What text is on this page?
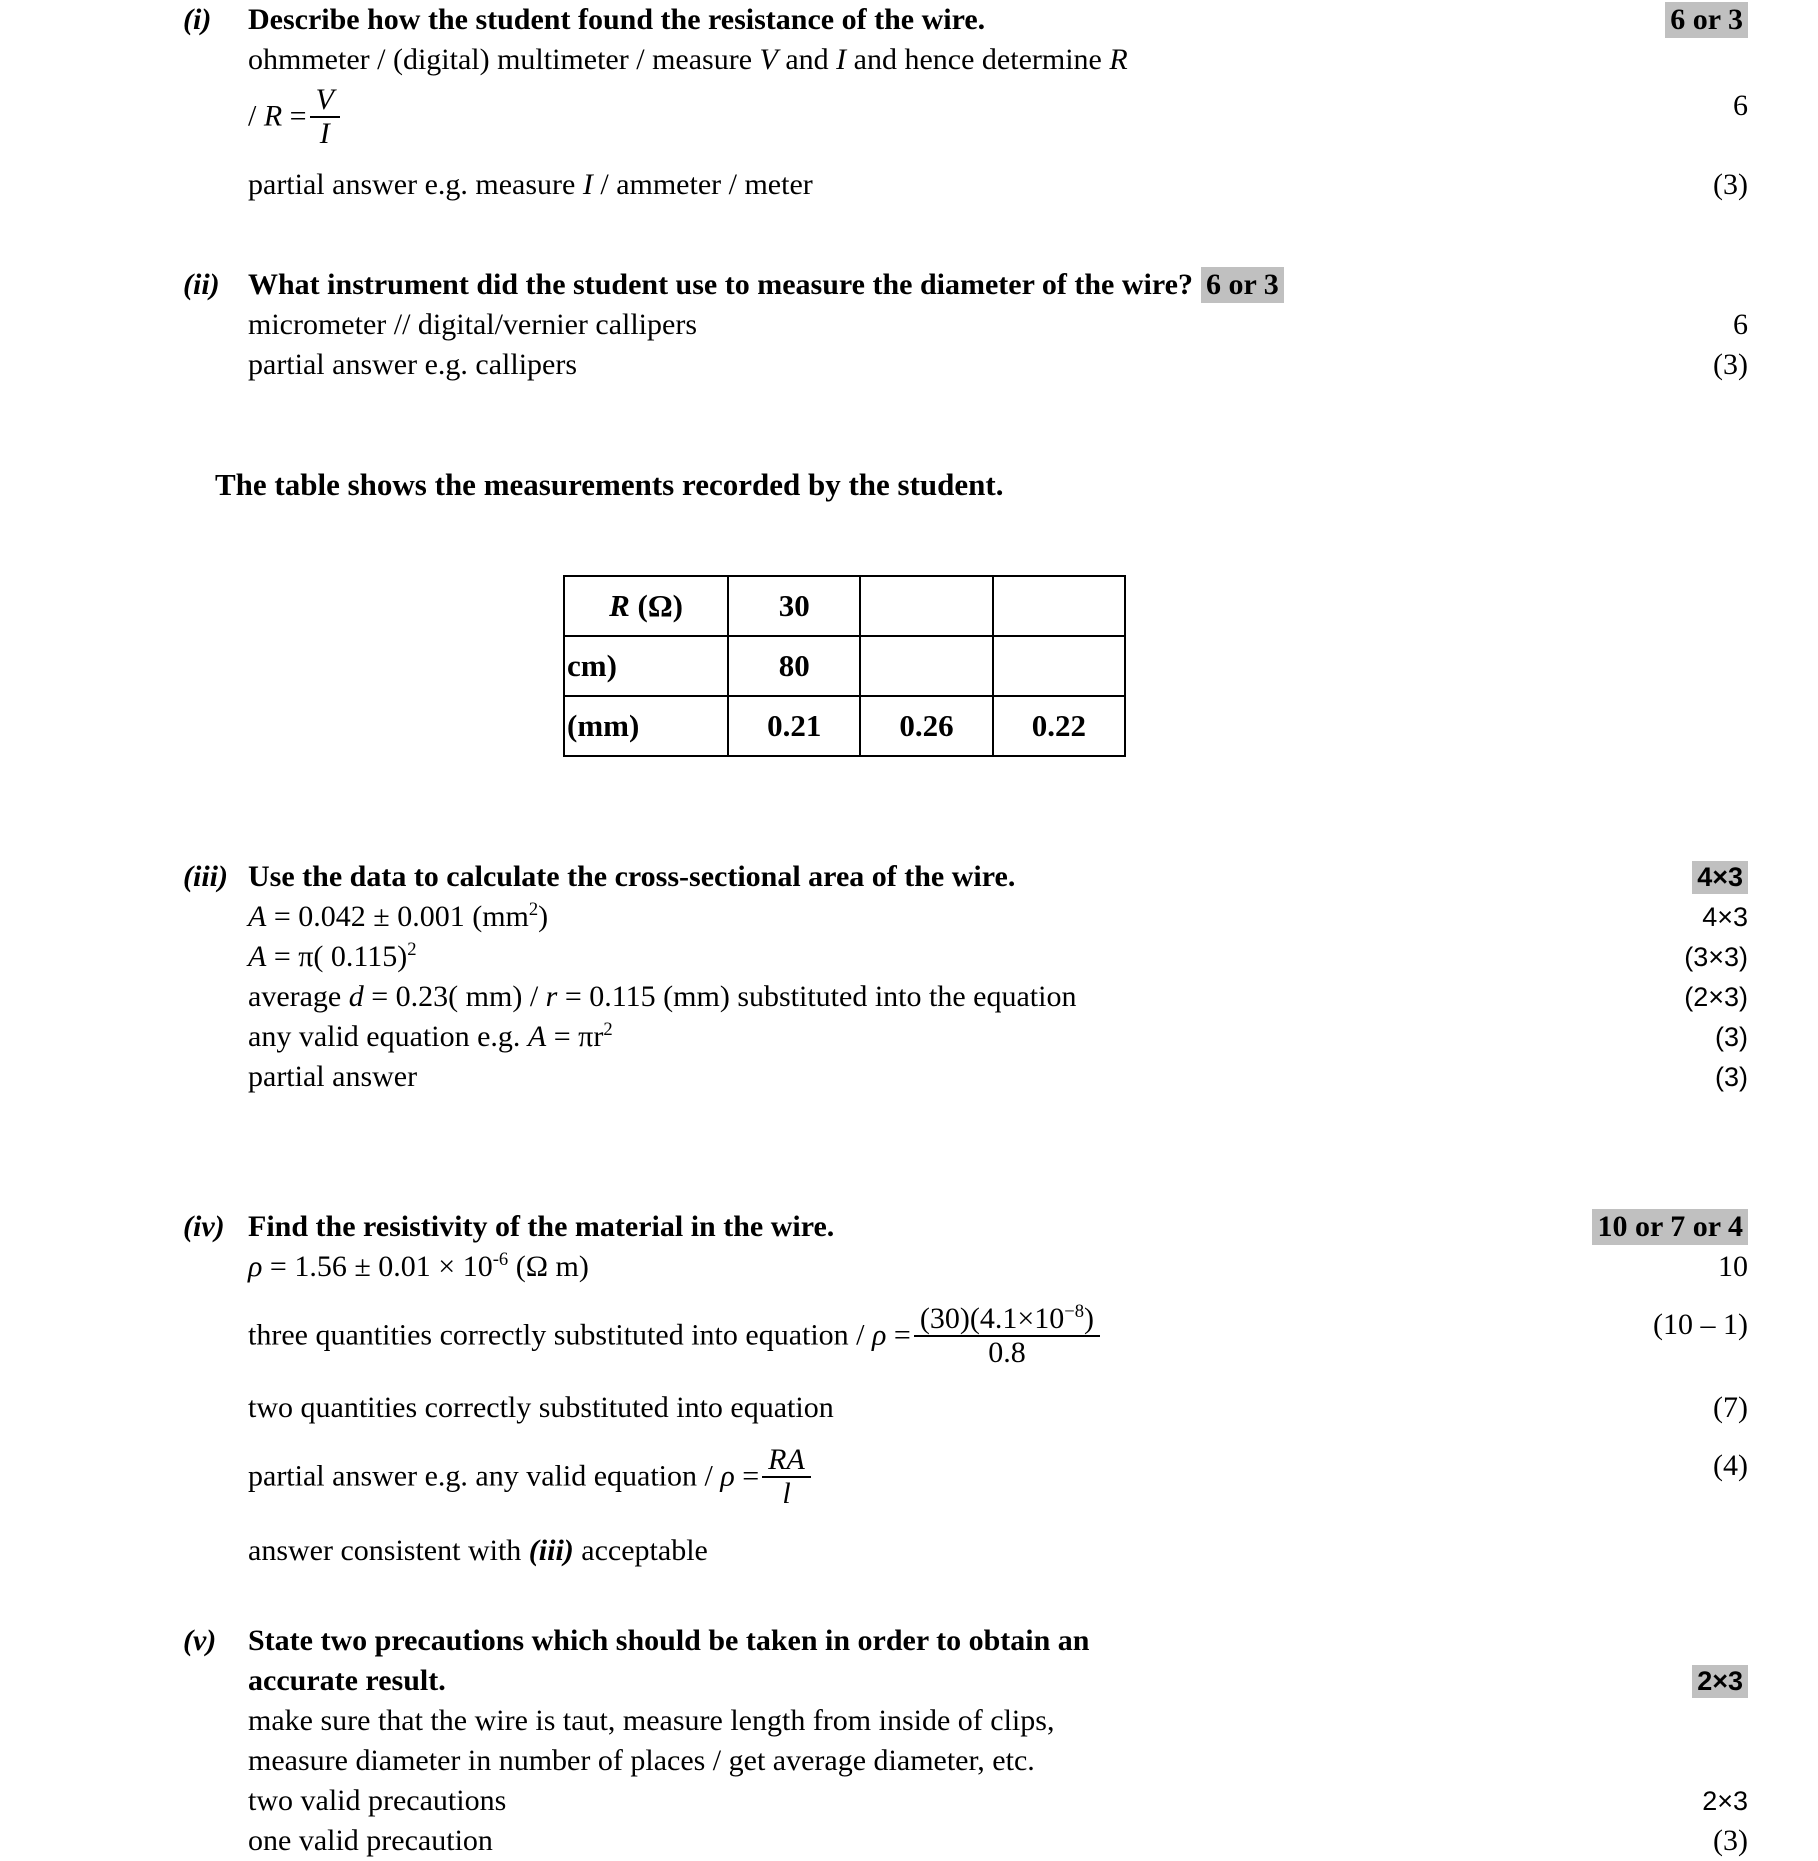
(i)	Describe how the student found the resistance of the wire.	6 or 3
ohmmeter / (digital) multimeter / measure V and I and hence determine R
/ $R = \frac{V}{I}$	6
partial answer e.g. measure I / ammeter / meter	(3)
(ii) What instrument did the student use to measure the diameter of the wire? 6 or 3
micrometer // digital/vernier callipers	6
partial answer e.g. callipers	(3)
The table shows the measurements recorded by the student.
R (Ω)	30		
cm)	80		
(mm)	0.21	0.26	0.22
(iii) Use the data to calculate the cross-sectional area of the wire.	4×3
A = 0.042 ± 0.001 $(mm^2)$	4×3
A = π( 0.115)$^2$	(3×3)
average d = 0.23( mm) / r = 0.115 (mm) substituted into the equation	(2×3)
any valid equation e.g. $A = \pi r^2$	(3)
partial answer	(3)
(iv) Find the resistivity of the material in the wire.	10 or 7 or 4
$\rho = 1.56 \pm 0.01 \times 10^{-6}$ (Ω m)	10
three quantities correctly substituted into equation / $\rho = \frac{(30)(4.1\times 10^{-8})}{0.8}$	(10 – 1)
two quantities correctly substituted into equation	(7)
partial answer e.g. any valid equation / $\rho = \frac{RA}{l}$	(4)
answer consistent with (iii) acceptable
(v)	State two precautions which should be taken in order to obtain an
accurate result.	2×3
make sure that the wire is taut, measure length from inside of clips,
measure diameter in number of places / get average diameter, etc.
two valid precautions	2×3
one valid precaution	(3)
